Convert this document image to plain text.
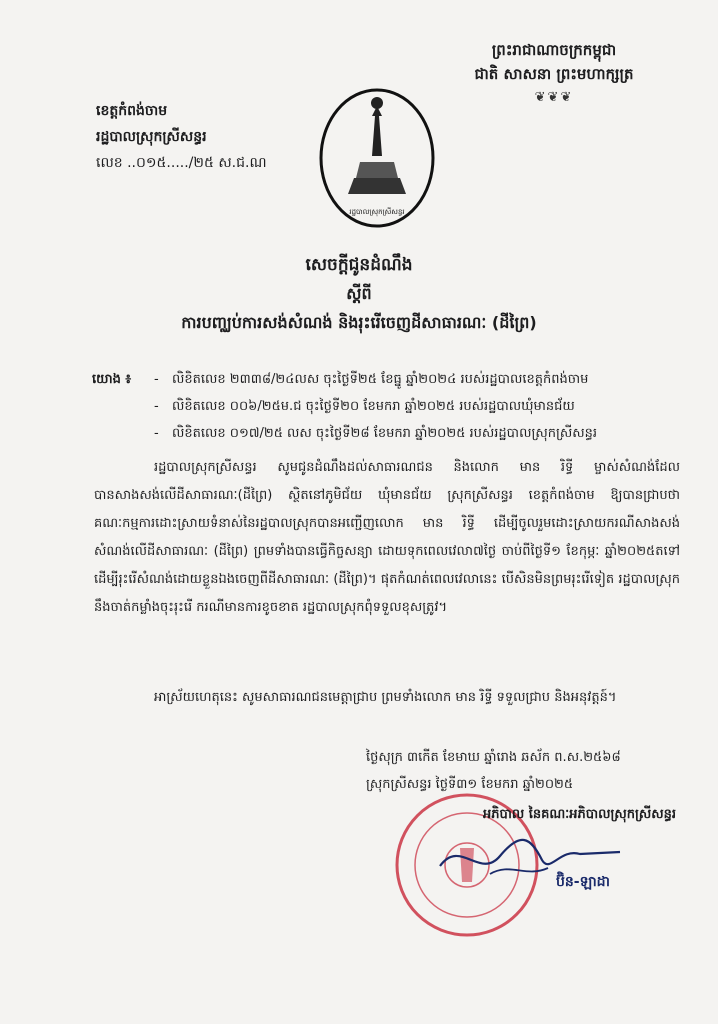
ព្រះរាជាណាចក្រកម្ពុជា
ជាតិ សាសនា ព្រះមហាក្សត្រ
❦❦❦
ខេត្តកំពង់ចាម
រដ្ឋបាលស្រុកស្រីសន្ធរ
លេខ ..០១៥...../២៥ ស.ជ.ណ
រដ្ឋបាលស្រុកស្រីសន្ធរ
សេចក្តីជូនដំណឹង
ស្តីពី
ការបញ្ឈប់ការសង់សំណង់ និងរុះរើចេញដីសាធារណៈ (ដីព្រៃ)
យោង ៖	-	លិខិតលេខ ២៣៣៨/២៤លស ចុះថ្ងៃទី២៥ ខែធ្នូ ឆ្នាំ២០២៤ របស់រដ្ឋបាលខេត្តកំពង់ចាម
-	លិខិតលេខ ០០៦/២៥ម.ជ ចុះថ្ងៃទី២០ ខែមករា ឆ្នាំ២០២៥ របស់រដ្ឋបាលឃុំមានជ័យ
-	លិខិតលេខ ០១៧/២៥ លស ចុះថ្ងៃទី២៨ ខែមករា ឆ្នាំ២០២៥ របស់រដ្ឋបាលស្រុកស្រីសន្ធរ

រដ្ឋបាលស្រុកស្រីសន្ធរ សូមជូនដំណឹងដល់សាធារណជន និងលោក មាន រិទ្ធី ម្ចាស់សំណង់ដែលបានសាងសង់លើដីសាធារណៈ(ដីព្រៃ) ស្ថិតនៅភូមិជ័យ ឃុំមានជ័យ ស្រុកស្រីសន្ធរ ខេត្តកំពង់ចាម ឱ្យបានជ្រាបថា គណៈកម្មការដោះស្រាយទំនាស់នៃរដ្ឋបាលស្រុកបានអញ្ជើញលោក មាន រិទ្ធី ដើម្បីចូលរួមដោះស្រាយករណីសាងសង់សំណង់លើដីសាធារណៈ (ដីព្រៃ) ព្រមទាំងបានធ្វើកិច្ចសន្យា ដោយទុកពេលវេលា៧ថ្ងៃ ចាប់ពីថ្ងៃទី១ ខែកុម្ភៈ ឆ្នាំ២០២៥តទៅ ដើម្បីរុះរើសំណង់ដោយខ្លួនឯងចេញពីដីសាធារណៈ (ដីព្រៃ)។ ផុតកំណត់ពេលវេលានេះ បើសិនមិនព្រមរុះរើទៀត រដ្ឋបាលស្រុកនឹងចាត់កម្លាំងចុះរុះរើ ករណីមានការខូចខាត រដ្ឋបាលស្រុកពុំទទួលខុសត្រូវ។

អាស្រ័យហេតុនេះ សូមសាធារណជនមេត្តាជ្រាប ព្រមទាំងលោក មាន រិទ្ធី ទទួលជ្រាប និងអនុវត្តន៍។

ថ្ងៃសុក្រ ៣កើត ខែមាឃ ឆ្នាំរោង ឆស័ក ព.ស.២៥៦៨
ស្រុកស្រីសន្ធរ ថ្ងៃទី៣១ ខែមករា ឆ្នាំ២០២៥
អភិបាល នៃគណៈអភិបាលស្រុកស្រីសន្ធរ
ប៊ិន-ឡាដា
